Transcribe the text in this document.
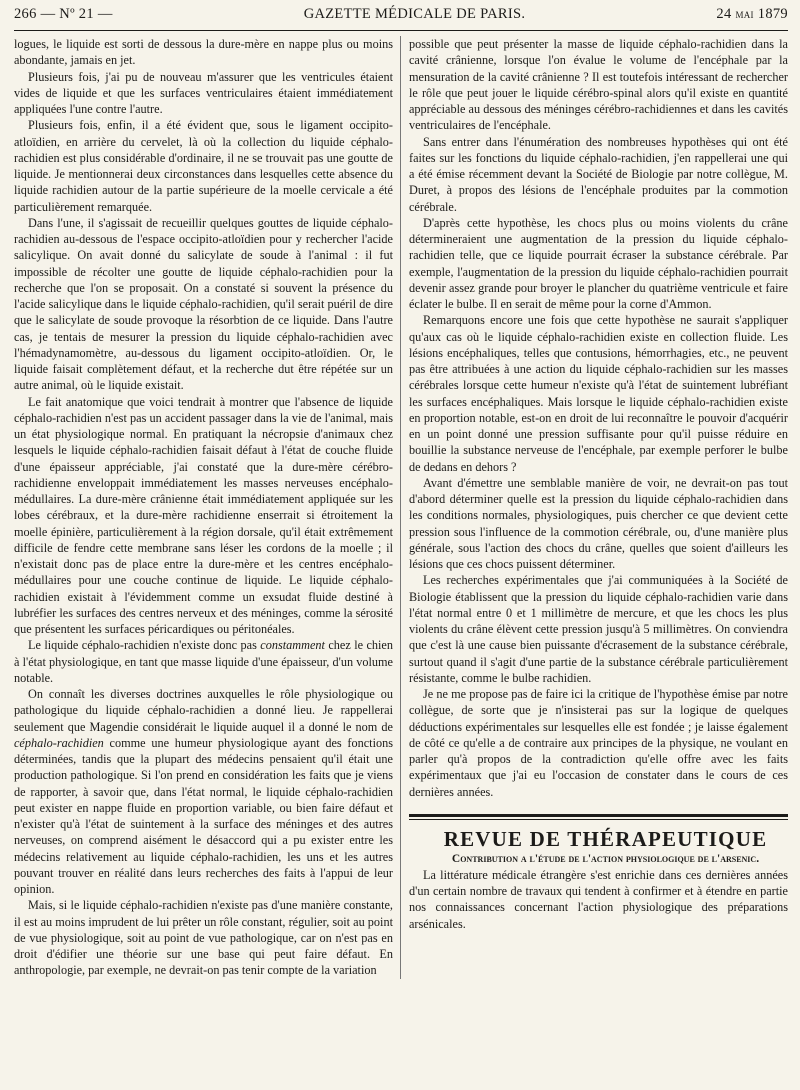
266 — Nº 21 —	GAZETTE MÉDICALE DE PARIS.	24 mai 1879

logues, le liquide est sorti de dessous la dure-mère en nappe plus ou moins abondante, jamais en jet.

Plusieurs fois, j'ai pu de nouveau m'assurer que les ventricules étaient vides de liquide et que les surfaces ventriculaires étaient immédiatement appliquées l'une contre l'autre.

Plusieurs fois, enfin, il a été évident que, sous le ligament occipito-atloïdien, en arrière du cervelet, là où la collection du liquide céphalo-rachidien est plus considérable d'ordinaire, il ne se trouvait pas une goutte de liquide. Je mentionnerai deux circonstances dans lesquelles cette absence du liquide rachidien autour de la partie supérieure de la moelle cervicale a été particulièrement remarquée.

Dans l'une, il s'agissait de recueillir quelques gouttes de liquide céphalo-rachidien au-dessous de l'espace occipito-atloïdien pour y rechercher l'acide salicylique. On avait donné du salicylate de soude à l'animal : il fut impossible de récolter une goutte de liquide céphalo-rachidien pour la recherche que l'on se proposait. On a constaté si souvent la présence du l'acide salicylique dans le liquide céphalo-rachidien, qu'il serait puéril de dire que le salicylate de soude provoque la résorbtion de ce liquide. Dans l'autre cas, je tentais de mesurer la pression du liquide céphalo-rachidien avec l'hémadynamomètre, au-dessous du ligament occipito-atloïdien. Or, le liquide faisait complètement défaut, et la recherche dut être répétée sur un autre animal, où le liquide existait.

Le fait anatomique que voici tendrait à montrer que l'absence de liquide céphalo-rachidien n'est pas un accident passager dans la vie de l'animal, mais un état physiologique normal. En pratiquant la nécropsie d'animaux chez lesquels le liquide céphalo-rachidien faisait défaut à l'état de couche fluide d'une épaisseur appréciable, j'ai constaté que la dure-mère cérébro-rachidienne enveloppait immédiatement les masses nerveuses encéphalo-médullaires. La dure-mère crânienne était immédiatement appliquée sur les lobes cérébraux, et la dure-mère rachidienne enserrait si étroitement la moelle épinière, particulièrement à la région dorsale, qu'il était extrêmement difficile de fendre cette membrane sans léser les cordons de la moelle ; il n'existait donc pas de place entre la dure-mère et les centres encéphalo-médullaires pour une couche continue de liquide. Le liquide céphalo-rachidien existait à l'évidemment comme un exsudat fluide destiné à lubréfier les surfaces des centres nerveux et des méninges, comme la sérosité que présentent les surfaces péricardiques ou péritonéales.

Le liquide céphalo-rachidien n'existe donc pas constamment chez le chien à l'état physiologique, en tant que masse liquide d'une épaisseur, d'un volume notable.

On connaît les diverses doctrines auxquelles le rôle physiologique ou pathologique du liquide céphalo-rachidien a donné lieu. Je rappellerai seulement que Magendie considérait le liquide auquel il a donné le nom de céphalo-rachidien comme une humeur physiologique ayant des fonctions déterminées, tandis que la plupart des médecins pensaient qu'il était une production pathologique. Si l'on prend en considération les faits que je viens de rapporter, à savoir que, dans l'état normal, le liquide céphalo-rachidien peut exister en nappe fluide en proportion variable, ou bien faire défaut et n'exister qu'à l'état de suintement à la surface des méninges et des autres nerveuses, on comprend aisément le désaccord qui a pu exister entre les médecins relativement au liquide céphalo-rachidien, les uns et les autres pouvant trouver en réalité dans leurs recherches des faits à l'appui de leur opinion.

Mais, si le liquide céphalo-rachidien n'existe pas d'une manière constante, il est au moins imprudent de lui prêter un rôle constant, régulier, soit au point de vue physiologique, soit au point de vue pathologique, car on n'est pas en droit d'édifier une théorie sur une base qui peut faire défaut. En anthropologie, par exemple, ne devrait-on pas tenir compte de la variation

possible que peut présenter la masse de liquide céphalo-rachidien dans la cavité crânienne, lorsque l'on évalue le volume de l'encéphale par la mensuration de la cavité crânienne ? Il est toutefois intéressant de rechercher le rôle que peut jouer le liquide cérébro-spinal alors qu'il existe en quantité appréciable au dessous des méninges cérébro-rachidiennes et dans les cavités ventriculaires de l'encéphale.

Sans entrer dans l'énumération des nombreuses hypothèses qui ont été faites sur les fonctions du liquide céphalo-rachidien, j'en rappellerai une qui a été émise récemment devant la Société de Biologie par notre collègue, M. Duret, à propos des lésions de l'encéphale produites par la commotion cérébrale.

D'après cette hypothèse, les chocs plus ou moins violents du crâne détermineraient une augmentation de la pression du liquide céphalo-rachidien telle, que ce liquide pourrait écraser la substance cérébrale. Par exemple, l'augmentation de la pression du liquide céphalo-rachidien pourrait devenir assez grande pour broyer le plancher du quatrième ventricule et faire éclater le bulbe. Il en serait de même pour la corne d'Ammon.

Remarquons encore une fois que cette hypothèse ne saurait s'appliquer qu'aux cas où le liquide céphalo-rachidien existe en collection fluide. Les lésions encéphaliques, telles que contusions, hémorrhagies, etc., ne peuvent pas être attribuées à une action du liquide céphalo-rachidien sur les masses cérébrales lorsque cette humeur n'existe qu'à l'état de suintement lubréfiant les surfaces encéphaliques. Mais lorsque le liquide céphalo-rachidien existe en proportion notable, est-on en droit de lui reconnaître le pouvoir d'acquérir en un point donné une pression suffisante pour qu'il puisse réduire en bouillie la substance nerveuse de l'encéphale, par exemple perforer le bulbe de dedans en dehors ?

Avant d'émettre une semblable manière de voir, ne devrait-on pas tout d'abord déterminer quelle est la pression du liquide céphalo-rachidien dans les conditions normales, physiologiques, puis chercher ce que devient cette pression sous l'influence de la commotion cérébrale, ou, d'une manière plus générale, sous l'action des chocs du crâne, quelles que soient d'ailleurs les lésions que ces chocs puissent déterminer.

Les recherches expérimentales que j'ai communiquées à la Société de Biologie établissent que la pression du liquide céphalo-rachidien varie dans l'état normal entre 0 et 1 millimètre de mercure, et que les chocs les plus violents du crâne élèvent cette pression jusqu'à 5 millimètres. On conviendra que c'est là une cause bien puissante d'écrasement de la substance cérébrale, surtout quand il s'agit d'une partie de la substance cérébrale particulièrement résistante, comme le bulbe rachidien.

Je ne me propose pas de faire ici la critique de l'hypothèse émise par notre collègue, de sorte que je n'insisterai pas sur la logique de quelques déductions expérimentales sur lesquelles elle est fondée ; je laisse également de côté ce qu'elle a de contraire aux principes de la physique, ne voulant en parler qu'à propos de la contradiction qu'elle offre avec les faits expérimentaux que j'ai eu l'occasion de constater dans le cours de ces dernières années.

REVUE DE THÉRAPEUTIQUE

Contribution a l'étude de l'action physiologique de l'arsenic.

La littérature médicale étrangère s'est enrichie dans ces dernières années d'un certain nombre de travaux qui tendent à confirmer et à étendre en partie nos connaissances concernant l'action physiologique des préparations arsénicales.
